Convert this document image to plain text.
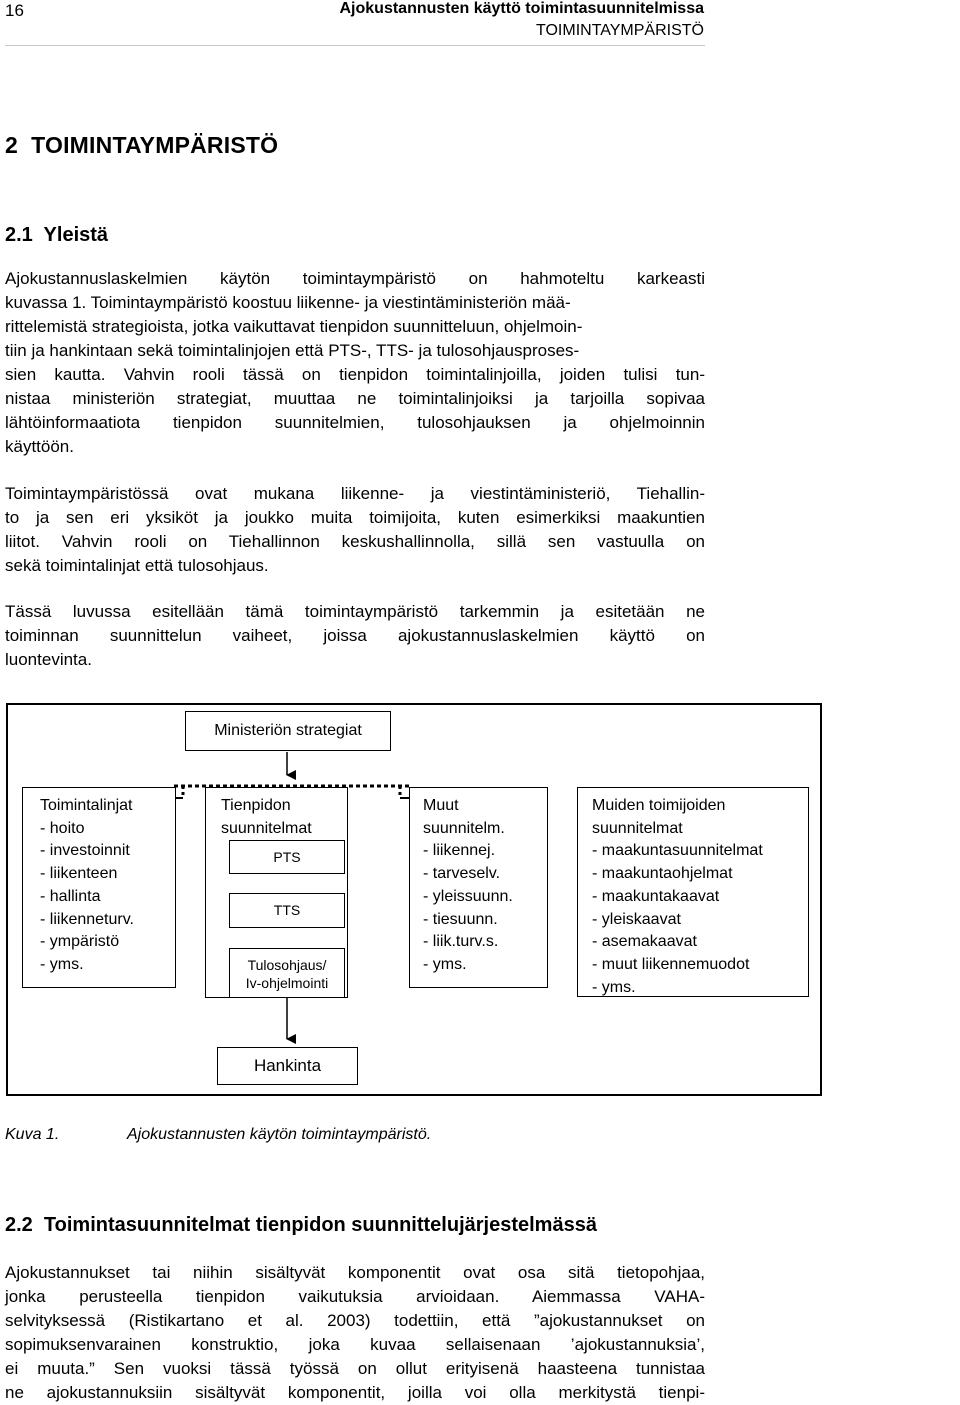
16	Ajokustannusten käyttö toimintasuunnitelmissa
TOIMINTAYMPÄRISTÖ
2  TOIMINTAYMPÄRISTÖ
2.1  Yleistä
Ajokustannuslaskelmien käytön toimintaympäristö on hahmoteltu karkeasti
kuvassa 1. Toimintaympäristö koostuu liikenne- ja viestintäministeriön mää-
rittelemistä strategioista, jotka vaikuttavat tienpidon suunnitteluun, ohjelmoin-
tiin ja hankintaan sekä toimintalinjojen että PTS-, TTS- ja tulosohjausproses-
sien kautta. Vahvin rooli tässä on tienpidon toimintalinjoilla, joiden tulisi tun-
nistaa ministeriön strategiat, muuttaa ne toimintalinjoiksi ja tarjoilla sopivaa
lähtöinformaatiota tienpidon suunnitelmien, tulosohjauksen ja ohjelmoinnin
käyttöön.
Toimintaympäristössä ovat mukana liikenne- ja viestintäministeriö, Tiehallin-
to ja sen eri yksiköt ja joukko muita toimijoita, kuten esimerkiksi maakuntien
liitot. Vahvin rooli on Tiehallinnon keskushallinnolla, sillä sen vastuulla on
sekä toimintalinjat että tulosohjaus.
Tässä luvussa esitellään tämä toimintaympäristö tarkemmin ja esitetään ne
toiminnan suunnittelun vaiheet, joissa ajokustannuslaskelmien käyttö on
luontevinta.
Ministeriön strategiat
Toimintalinjat
- hoito
- investoinnit
- liikenteen
- hallinta
- liikenneturv.
- ympäristö
- yms.
Tienpidon
suunnitelmat
PTS
TTS
Tulosohjaus/
Iv-ohjelmointi
Muut
suunnitelm.
- liikennej.
- tarveselv.
- yleissuunn.
- tiesuunn.
- liik.turv.s.
- yms.
Muiden toimijoiden
suunnitelmat
- maakuntasuunnitelmat
- maakuntaohjelmat
- maakuntakaavat
- yleiskaavat
- asemakaavat
- muut liikennemuodot
- yms.
Hankinta
Kuva 1.	Ajokustannusten käytön toimintaympäristö.
2.2  Toimintasuunnitelmat tienpidon suunnittelujärjestelmässä
Ajokustannukset tai niihin sisältyvät komponentit ovat osa sitä tietopohjaa,
jonka perusteella tienpidon vaikutuksia arvioidaan. Aiemmassa VAHA-
selvityksessä (Ristikartano et al. 2003) todettiin, että ”ajokustannukset on
sopimuksenvarainen konstruktio, joka kuvaa sellaisenaan ’ajokustannuksia’,
ei muuta.” Sen vuoksi tässä työssä on ollut erityisenä haasteena tunnistaa
ne ajokustannuksiin sisältyvät komponentit, joilla voi olla merkitystä tienpi-
